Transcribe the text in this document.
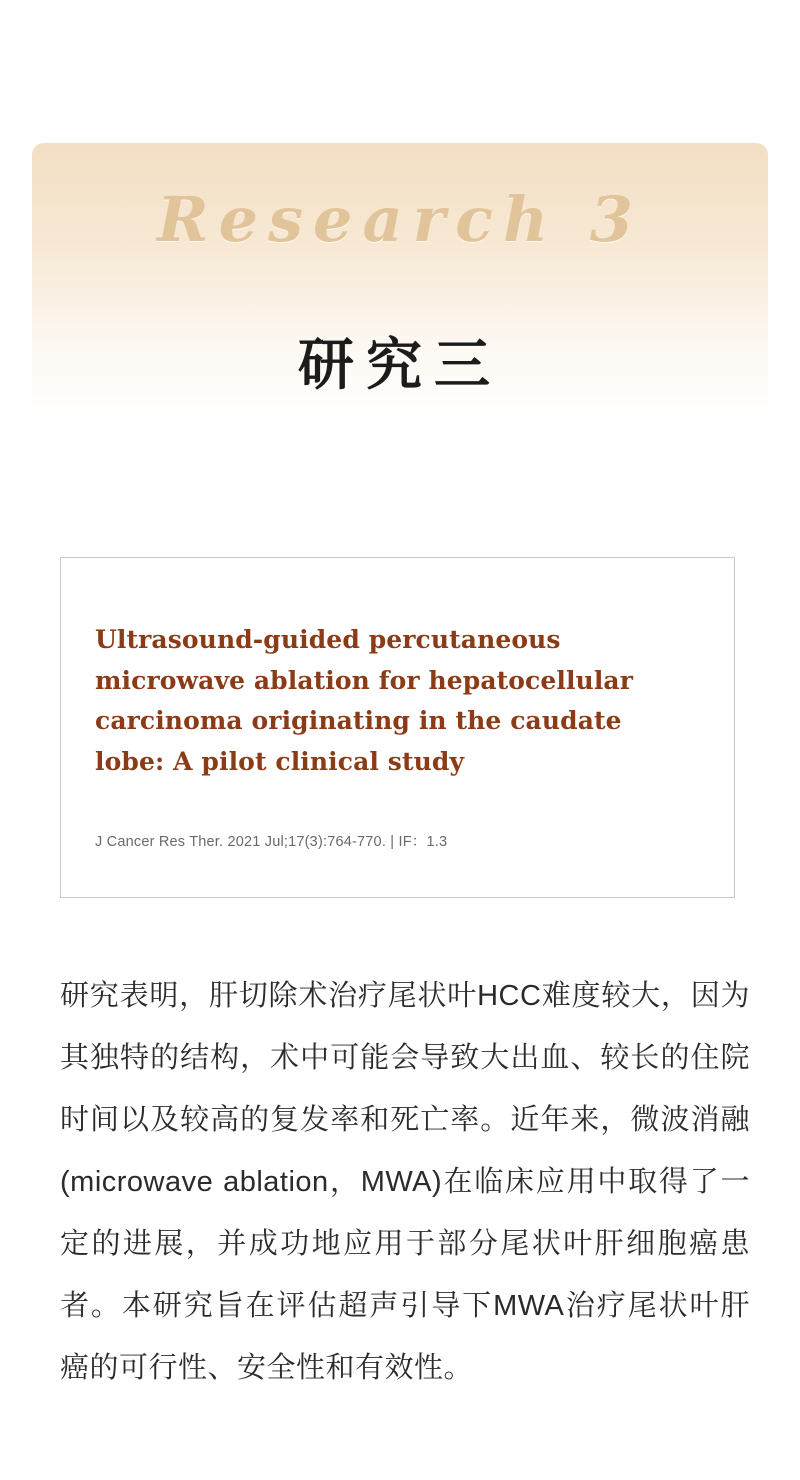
Research 3
研究三
Ultrasound-guided percutaneous microwave ablation for hepatocellular carcinoma originating in the caudate lobe: A pilot clinical study
J Cancer Res Ther. 2021 Jul;17(3):764-770. | IF：1.3
研究表明，肝切除术治疗尾状叶HCC难度较大，因为其独特的结构，术中可能会导致大出血、较长的住院时间以及较高的复发率和死亡率。近年来，微波消融(microwave ablation，MWA)在临床应用中取得了一定的进展，并成功地应用于部分尾状叶肝细胞癌患者。本研究旨在评估超声引导下MWA治疗尾状叶肝癌的可行性、安全性和有效性。
